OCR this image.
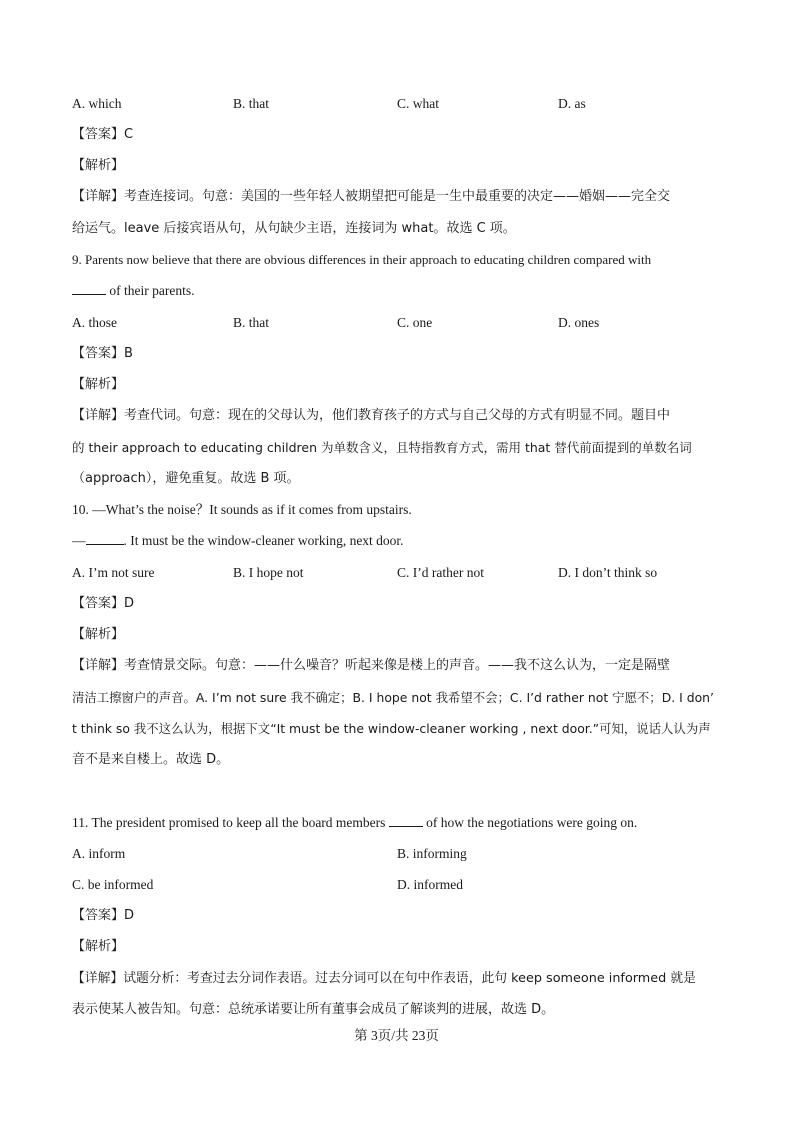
A. which	B. that	C. what	D. as
【答案】C
【解析】
【详解】考查连接词。句意：美国的一些年轻人被期望把可能是一生中最重要的决定——婚姻——完全交
给运气。leave 后接宾语从句，从句缺少主语，连接词为 what。故选 C 项。
9. Parents now believe that there are obvious differences in their approach to educating children compared with
of their parents.
A. those	B. that	C. one	D. ones
【答案】B
【解析】
【详解】考查代词。句意：现在的父母认为，他们教育孩子的方式与自己父母的方式有明显不同。题目中
的 their approach to educating children 为单数含义，且特指教育方式，需用 that 替代前面提到的单数名词
（approach），避免重复。故选 B 项。
10. —What’s the noise？It sounds as if it comes from upstairs.
—	. It must be the window-cleaner working, next door.
A. I’m not sure	B. I hope not	C. I’d rather not	D. I don’t think so
【答案】D
【解析】
【详解】考查情景交际。句意：——什么噪音？听起来像是楼上的声音。——我不这么认为，一定是隔壁
清洁工擦窗户的声音。A. I’m not sure 我不确定；B. I hope not 我希望不会；C. I’d rather not 宁愿不；D. I don’
t think so 我不这么认为，根据下文“It must be the window-cleaner working , next door.”可知，说话人认为声
音不是来自楼上。故选 D。
11. The president promised to keep all the board members	of how the negotiations were going on.
A. inform	B. informing
C. be informed	D. informed
【答案】D
【解析】
【详解】试题分析：考查过去分词作表语。过去分词可以在句中作表语，此句 keep someone informed 就是
表示使某人被告知。句意：总统承诺要让所有董事会成员了解谈判的进展，故选 D。
第 3页/共 23页
